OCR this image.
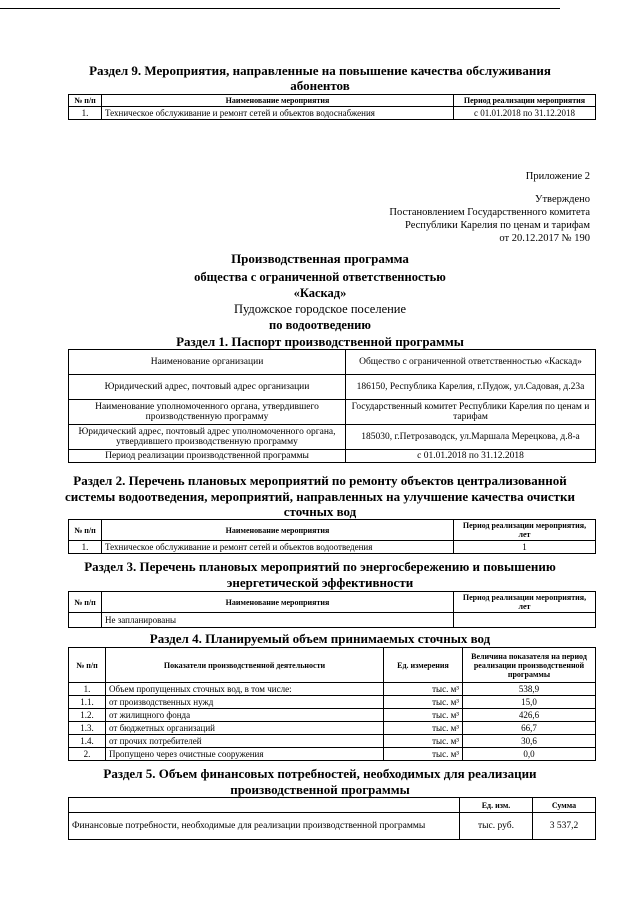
Раздел 9. Мероприятия, направленные на повышение качества обслуживания
абонентов
№ п/п	Наименование мероприятия	Период реализации мероприятия
1.	Техническое обслуживание и ремонт сетей и объектов водоснабжения	с 01.01.2018 по 31.12.2018
Приложение 2
Утверждено
Постановлением Государственного комитета
Республики Карелия по ценам и тарифам
от 20.12.2017 № 190
Производственная программа
общества с ограниченной ответственностью
«Каскад»
Пудожское городское поселение
по водоотведению
Раздел 1. Паспорт производственной программы
Наименование организации	Общество с ограниченной ответственностью «Каскад»
Юридический адрес, почтовый адрес организации	186150, Республика Карелия, г.Пудож, ул.Садовая, д.23а
Наименование уполномоченного органа, утвердившего производственную программу	Государственный комитет Республики Карелия по ценам и тарифам
Юридический адрес, почтовый адрес уполномоченного органа, утвердившего производственную программу	185030, г.Петрозаводск, ул.Маршала Мерецкова, д.8-а
Период реализации производственной программы	с 01.01.2018 по 31.12.2018
Раздел 2. Перечень плановых мероприятий по ремонту объектов централизованной
системы водоотведения, мероприятий, направленных на улучшение качества очистки
сточных вод
№ п/п	Наименование мероприятия	Период реализации мероприятия, лет
1.	Техническое обслуживание и ремонт сетей и объектов водоотведения	1
Раздел 3. Перечень плановых мероприятий по энергосбережению и повышению
энергетической эффективности
№ п/п	Наименование мероприятия	Период реализации мероприятия, лет
	Не запланированы	
Раздел 4. Планируемый объем принимаемых сточных вод
№ п/п	Показатели производственной деятельности	Ед. измерения	Величина показателя на период реализации производственной программы
1.	Объем пропущенных сточных вод, в том числе:	тыс. м³	538,9
1.1.	от производственных нужд	тыс. м³	15,0
1.2.	от жилищного фонда	тыс. м³	426,6
1.3.	от бюджетных организаций	тыс. м³	66,7
1.4.	от прочих потребителей	тыс. м³	30,6
2.	Пропущено через очистные сооружения	тыс. м³	0,0
Раздел 5. Объем финансовых потребностей, необходимых для реализации
производственной программы
	Ед. изм.	Сумма
Финансовые потребности, необходимые для реализации производственной программы	тыс. руб.	3 537,2
